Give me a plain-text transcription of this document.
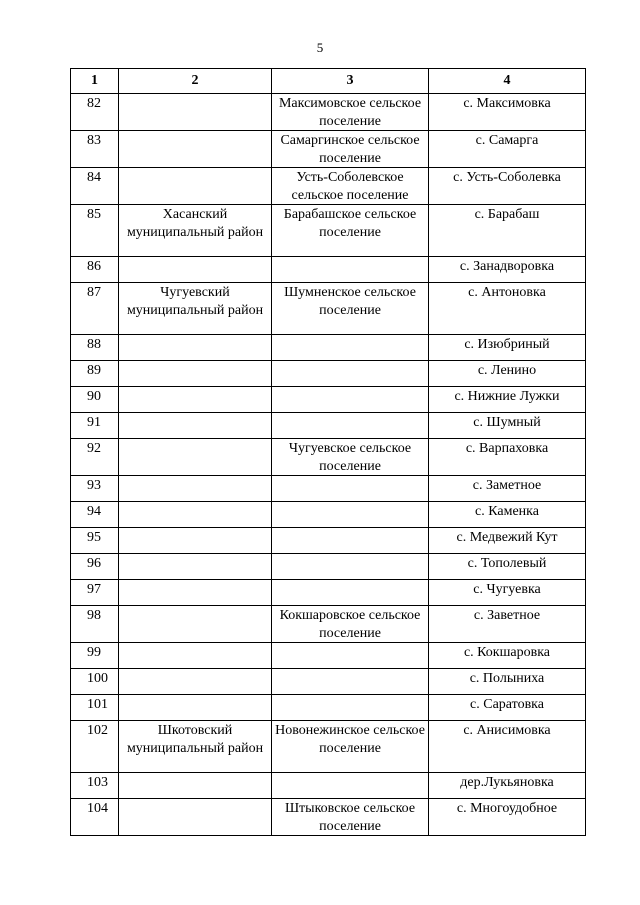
5
1	2	3	4
82		Максимовское сельское поселение	с. Максимовка
83		Самаргинское сельское поселение	с. Самарга
84		Усть-Соболевское сельское поселение	с. Усть-Соболевка
85	Хасанский муниципальный район	Барабашское сельское поселение	с. Барабаш
86			с. Занадворовка
87	Чугуевский муниципальный район	Шумненское сельское поселение	с. Антоновка
88			с. Изюбриный
89			с. Ленино
90			с. Нижние Лужки
91			с. Шумный
92		Чугуевское сельское поселение	с. Варпаховка
93			с. Заметное
94			с. Каменка
95			с. Медвежий Кут
96			с. Тополевый
97			с. Чугуевка
98		Кокшаровское сельское поселение	с. Заветное
99			с. Кокшаровка
100			с. Полыниха
101			с. Саратовка
102	Шкотовский муниципальный район	Новонежинское сельское поселение	с. Анисимовка
103			дер.Лукьяновка
104		Штыковское сельское поселение	с. Многоудобное
